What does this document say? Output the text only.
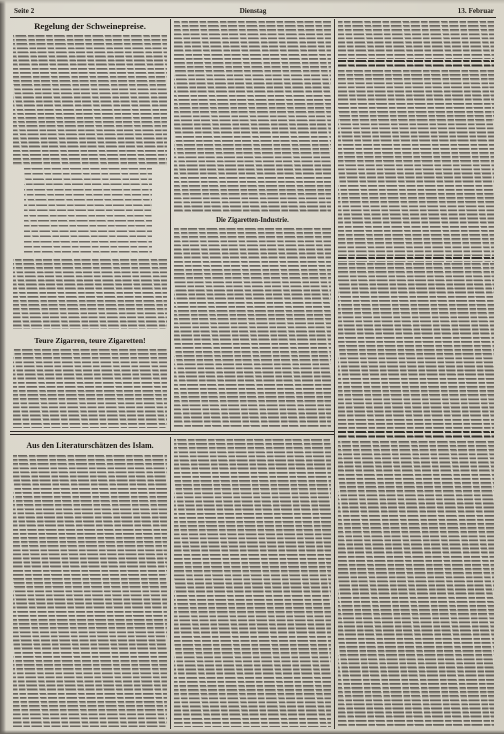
Seite 2	Dienstag	13. Februar
Regelung der Schweinepreise.
Teure Zigarren, teure Zigaretten!
Aus den Literaturschätzen des Islam.
Die Zigaretten-Industrie.
